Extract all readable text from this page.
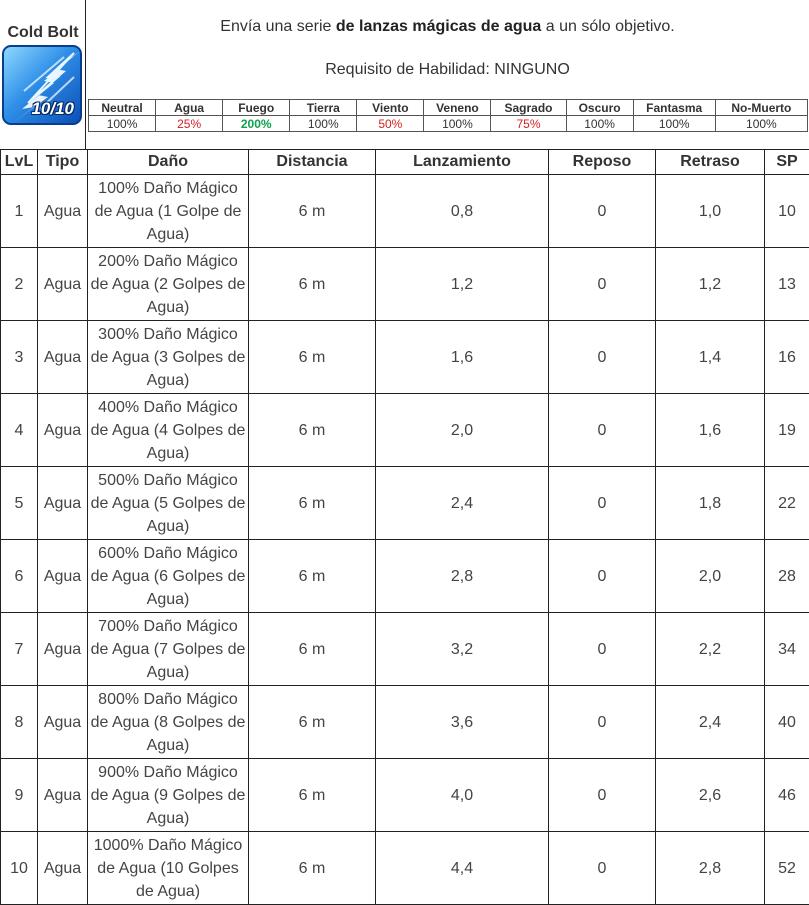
Cold Bolt
10/10
Envía una serie de lanzas mágicas de agua a un sólo objetivo.
Requisito de Habilidad: NINGUNO
Neutral	Agua	Fuego	Tierra	Viento	Veneno	Sagrado	Oscuro	Fantasma	No-Muerto
100%	25%	200%	100%	50%	100%	75%	100%	100%	100%
LvL	Tipo	Daño	Distancia	Lanzamiento	Reposo	Retraso	SP
1	Agua	100% Daño Mágico de Agua (1 Golpe de Agua)	6 m	0,8	0	1,0	10
2	Agua	200% Daño Mágico de Agua (2 Golpes de Agua)	6 m	1,2	0	1,2	13
3	Agua	300% Daño Mágico de Agua (3 Golpes de Agua)	6 m	1,6	0	1,4	16
4	Agua	400% Daño Mágico de Agua (4 Golpes de Agua)	6 m	2,0	0	1,6	19
5	Agua	500% Daño Mágico de Agua (5 Golpes de Agua)	6 m	2,4	0	1,8	22
6	Agua	600% Daño Mágico de Agua (6 Golpes de Agua)	6 m	2,8	0	2,0	28
7	Agua	700% Daño Mágico de Agua (7 Golpes de Agua)	6 m	3,2	0	2,2	34
8	Agua	800% Daño Mágico de Agua (8 Golpes de Agua)	6 m	3,6	0	2,4	40
9	Agua	900% Daño Mágico de Agua (9 Golpes de Agua)	6 m	4,0	0	2,6	46
10	Agua	1000% Daño Mágico de Agua (10 Golpes de Agua)	6 m	4,4	0	2,8	52
